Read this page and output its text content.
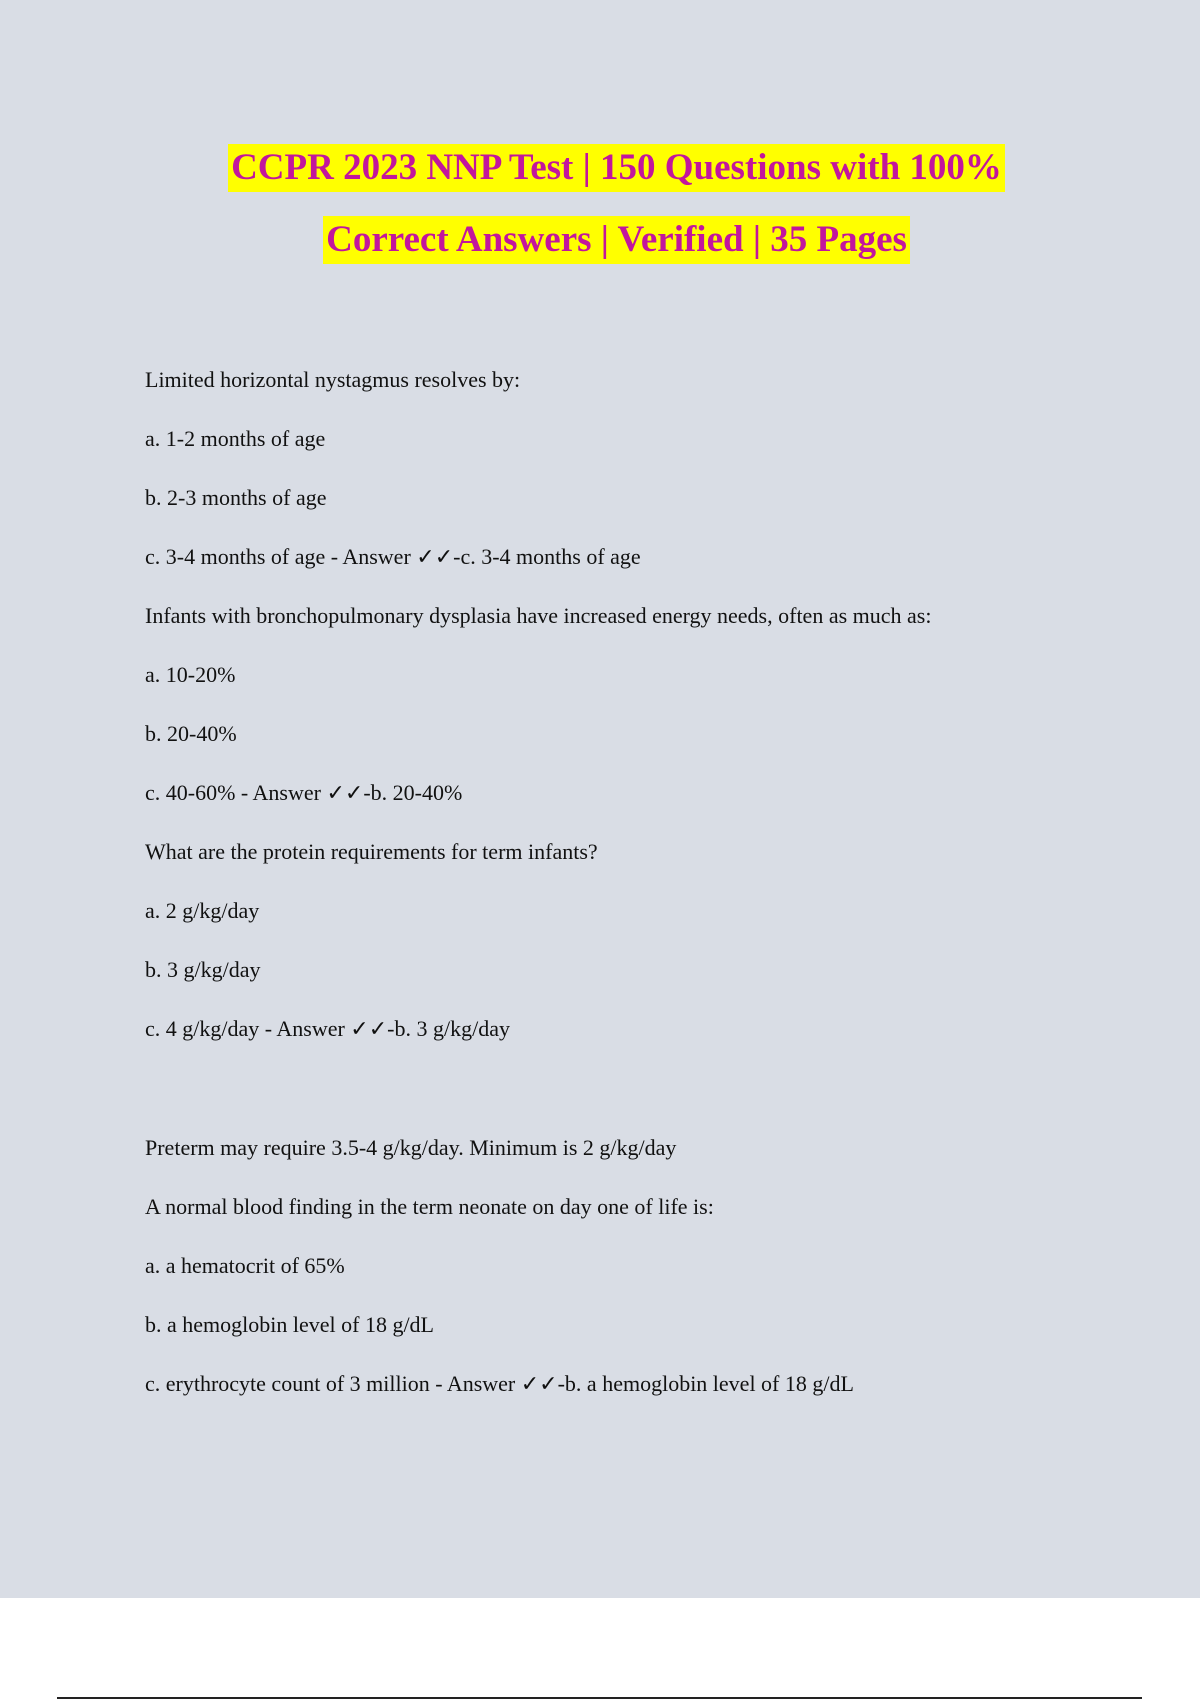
CCPR 2023 NNP Test | 150 Questions with 100%
Correct Answers | Verified | 35 Pages
Limited horizontal nystagmus resolves by:
a. 1-2 months of age
b. 2-3 months of age
c. 3-4 months of age - Answer ✓✓-c. 3-4 months of age
Infants with bronchopulmonary dysplasia have increased energy needs, often as much as:
a. 10-20%
b. 20-40%
c. 40-60% - Answer ✓✓-b. 20-40%
What are the protein requirements for term infants?
a. 2 g/kg/day
b. 3 g/kg/day
c. 4 g/kg/day - Answer ✓✓-b. 3 g/kg/day
Preterm may require 3.5-4 g/kg/day. Minimum is 2 g/kg/day
A normal blood finding in the term neonate on day one of life is:
a. a hematocrit of 65%
b. a hemoglobin level of 18 g/dL
c. erythrocyte count of 3 million - Answer ✓✓-b. a hemoglobin level of 18 g/dL
